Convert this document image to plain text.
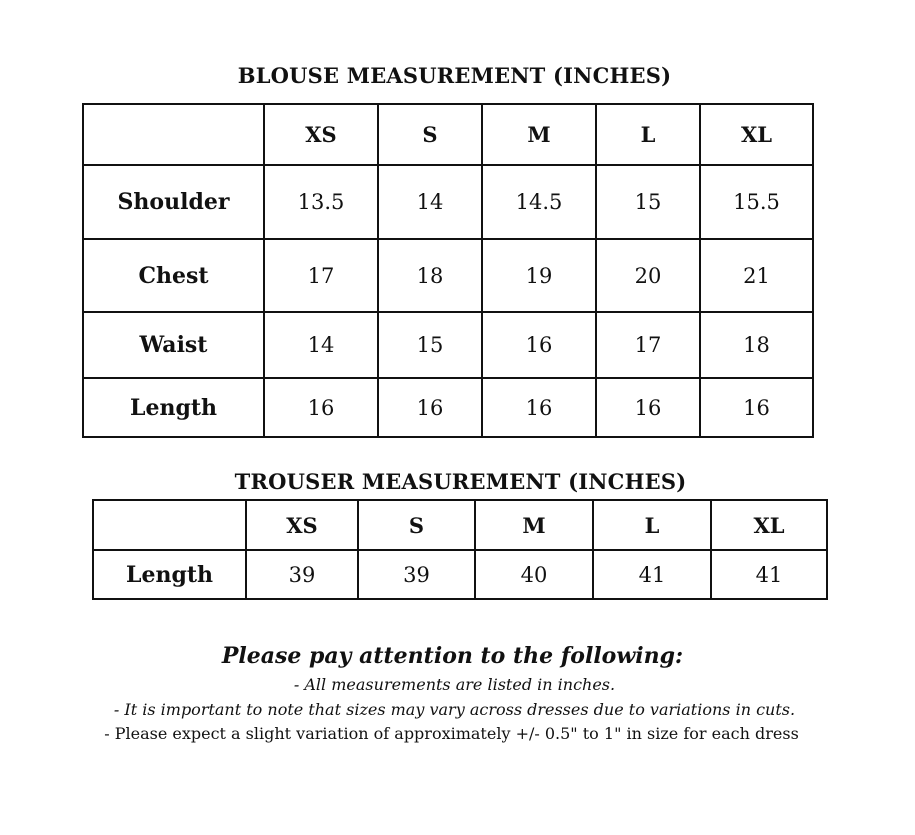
BLOUSE MEASUREMENT (INCHES)
	XS	S	M	L	XL
Shoulder	13.5	14	14.5	15	15.5
Chest	17	18	19	20	21
Waist	14	15	16	17	18
Length	16	16	16	16	16
TROUSER MEASUREMENT (INCHES)
	XS	S	M	L	XL
Length	39	39	40	41	41

Please pay attention to the following:

- All measurements are listed in inches.

- It is important to note that sizes may vary across dresses due to variations in cuts.

- Please expect a slight variation of approximately +/- 0.5" to 1" in size for each dress
